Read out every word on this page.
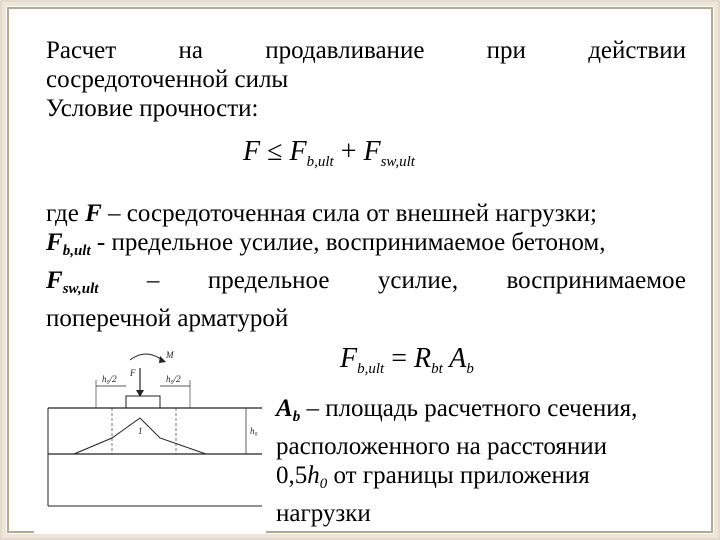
Расчет на продавливание при действии
сосредоточенной силы
Условие прочности:
$F \le F_{b,ult} + F_{sw,ult}$
где F – сосредоточенная сила от внешней нагрузки;
$F_{b,ult}$ - предельное усилие, воспринимаемое бетоном,
$F_{sw,ult}$ – предельное усилие, воспринимаемое
поперечной арматурой
$F_{b,ult} = R_{bt}$ $A_b$
$A_b$ – площадь расчетного сечения,
расположенного на расстоянии
$0,5h_0$ от границы приложения
нагрузки
F
M
h₀/2	h₀/2
1	h₀
